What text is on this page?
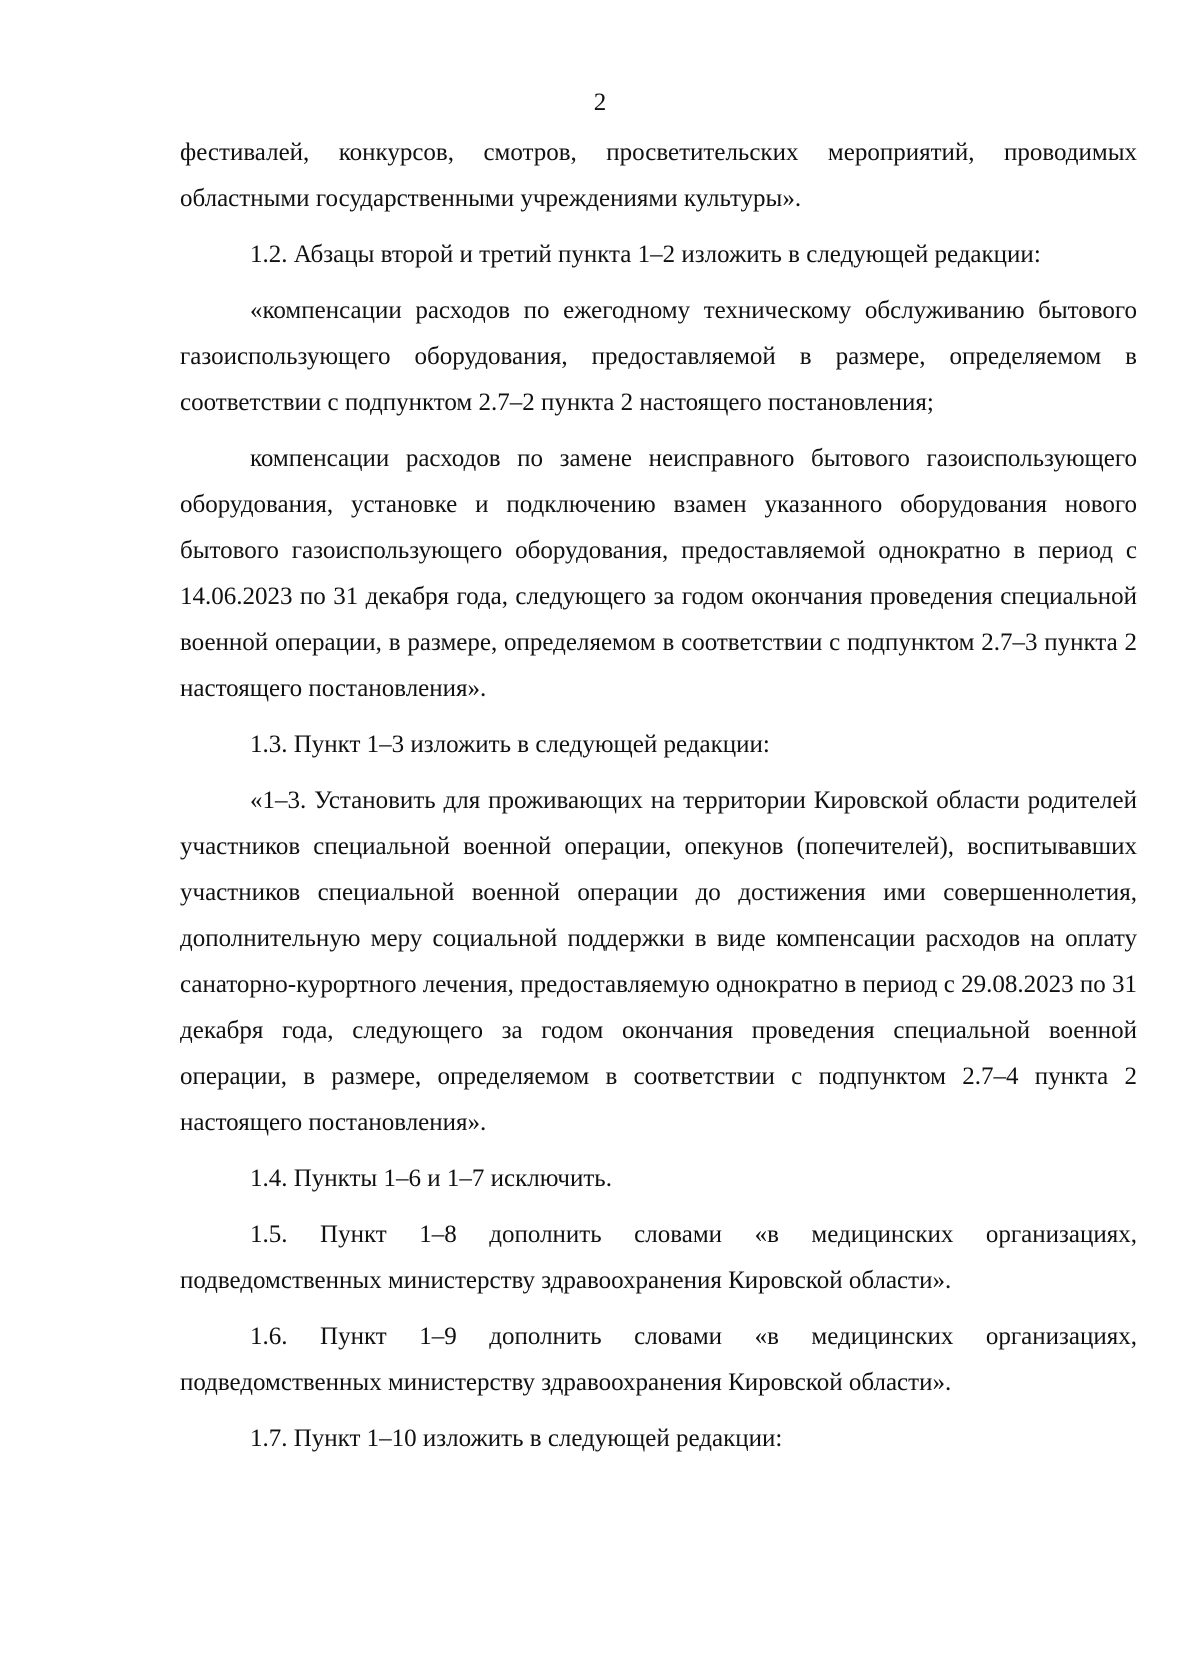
2

фестивалей, конкурсов, смотров, просветительских мероприятий, проводимых областными государственными учреждениями культуры».

1.2. Абзацы второй и третий пункта 1–2 изложить в следующей редакции:

«компенсации расходов по ежегодному техническому обслуживанию бытового газоиспользующего оборудования, предоставляемой в размере, определяемом в соответствии с подпунктом 2.7–2 пункта 2 настоящего постановления;

компенсации расходов по замене неисправного бытового газоиспользующего оборудования, установке и подключению взамен указанного оборудования нового бытового газоиспользующего оборудования, предоставляемой однократно в период с 14.06.2023 по 31 декабря года, следующего за годом окончания проведения специальной военной операции, в размере, определяемом в соответствии с подпунктом 2.7–3 пункта 2 настоящего постановления».

1.3. Пункт 1–3 изложить в следующей редакции:

«1–3. Установить для проживающих на территории Кировской области родителей участников специальной военной операции, опекунов (попечителей), воспитывавших участников специальной военной операции до достижения ими совершеннолетия, дополнительную меру социальной поддержки в виде компенсации расходов на оплату санаторно-курортного лечения, предоставляемую однократно в период с 29.08.2023 по 31 декабря года, следующего за годом окончания проведения специальной военной операции, в размере, определяемом в соответствии с подпунктом 2.7–4 пункта 2 настоящего постановления».

1.4. Пункты 1–6 и 1–7 исключить.

1.5. Пункт 1–8 дополнить словами «в медицинских организациях, подведомственных министерству здравоохранения Кировской области».

1.6. Пункт 1–9 дополнить словами «в медицинских организациях, подведомственных министерству здравоохранения Кировской области».

1.7. Пункт 1–10 изложить в следующей редакции:
